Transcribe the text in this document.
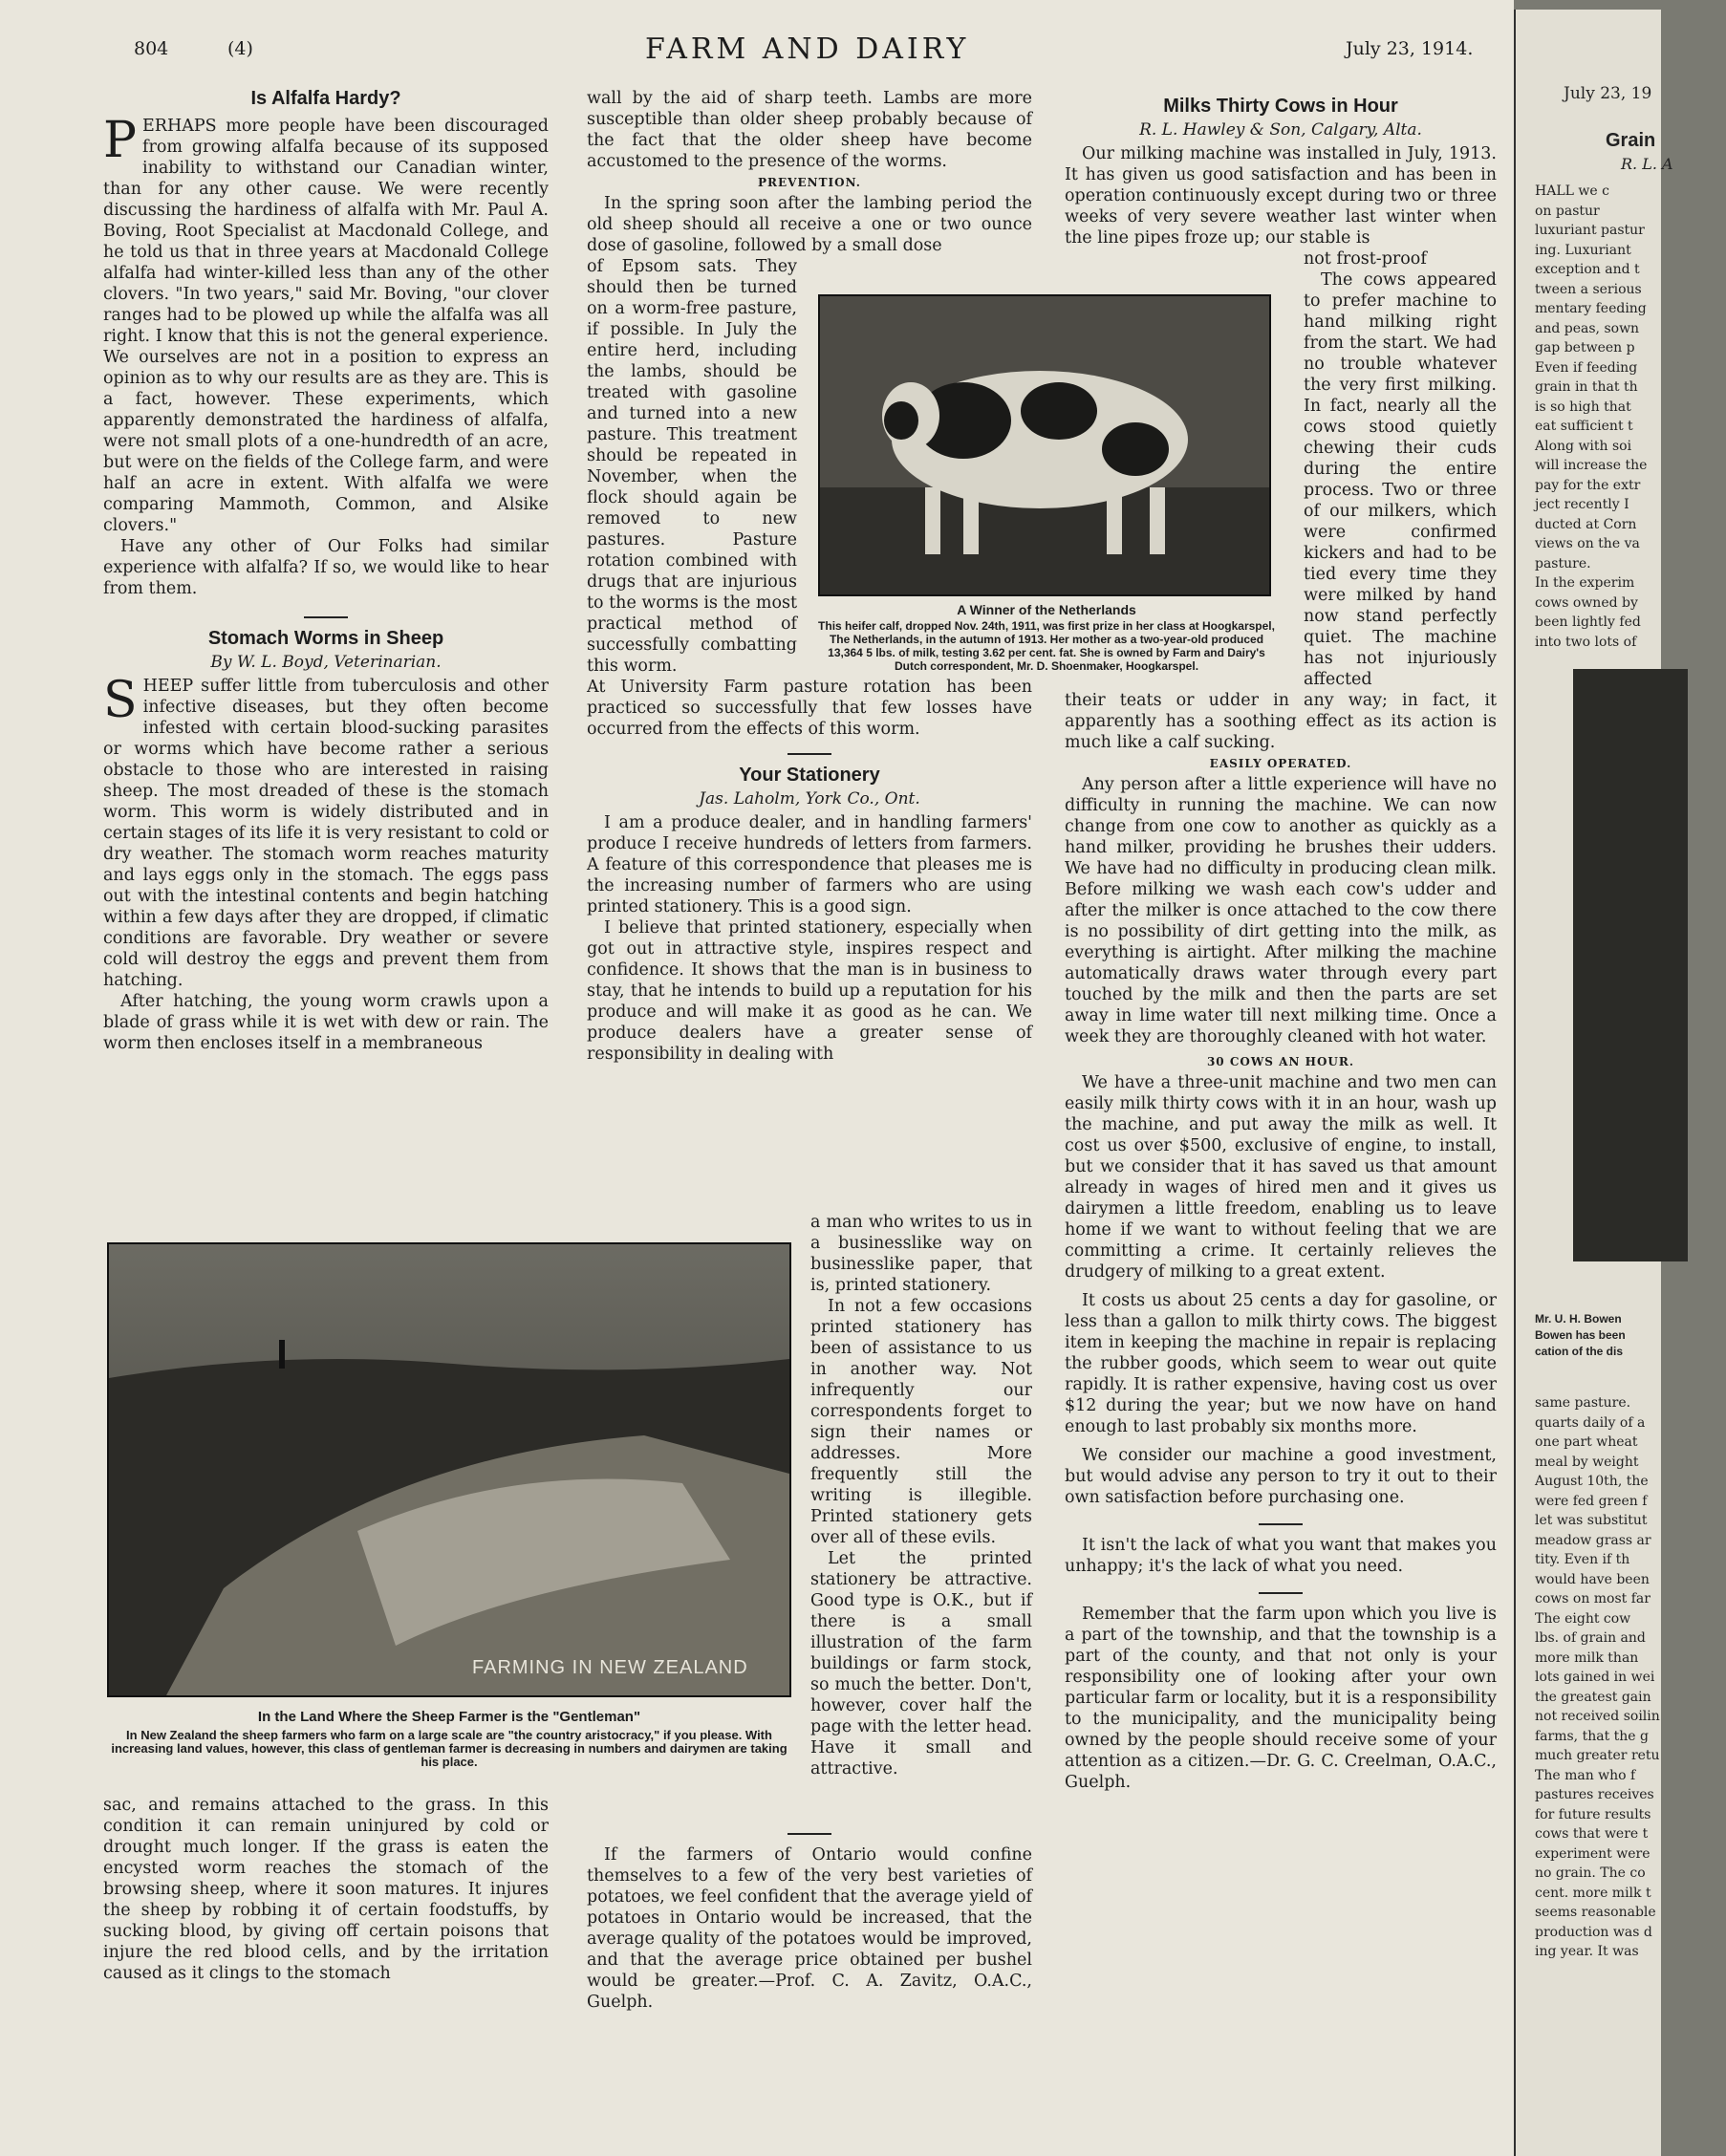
804	(4)	FARM AND DAIRY	July 23, 1914.
Is Alfalfa Hardy?

PERHAPS more people have been discouraged from growing alfalfa because of its supposed inability to withstand our Canadian winter, than for any other cause. We were recently discussing the hardiness of alfalfa with Mr. Paul A. Boving, Root Specialist at Macdonald College, and he told us that in three years at Macdonald College alfalfa had winter-killed less than any of the other clovers. "In two years," said Mr. Boving, "our clover ranges had to be plowed up while the alfalfa was all right. I know that this is not the general experience. We ourselves are not in a position to express an opinion as to why our results are as they are. This is a fact, however. These experiments, which apparently demonstrated the hardiness of alfalfa, were not small plots of a one-hundredth of an acre, but were on the fields of the College farm, and were half an acre in extent. With alfalfa we were comparing Mammoth, Common, and Alsike clovers."

Have any other of Our Folks had similar experience with alfalfa? If so, we would like to hear from them.

Stomach Worms in Sheep

By W. L. Boyd, Veterinarian.

SHEEP suffer little from tuberculosis and other infective diseases, but they often become infested with certain blood-sucking parasites or worms which have become rather a serious obstacle to those who are interested in raising sheep. The most dreaded of these is the stomach worm. This worm is widely distributed and in certain stages of its life it is very resistant to cold or dry weather. The stomach worm reaches maturity and lays eggs only in the stomach. The eggs pass out with the intestinal contents and begin hatching within a few days after they are dropped, if climatic conditions are favorable. Dry weather or severe cold will destroy the eggs and prevent them from hatching.

After hatching, the young worm crawls upon a blade of grass while it is wet with dew or rain. The worm then encloses itself in a membraneous

wall by the aid of sharp teeth. Lambs are more susceptible than older sheep probably because of the fact that the older sheep have become accustomed to the presence of the worms.

PREVENTION.

In the spring soon after the lambing period the old sheep should all receive a one or two ounce dose of gasoline, followed by a small dose

of Epsom sats. They should then be turned on a worm-free pasture, if possible. In July the entire herd, including the lambs, should be treated with gasoline and turned into a new pasture. This treatment should be repeated in November, when the flock should again be removed to new pastures. Pasture rotation combined with drugs that are injurious to the worms is the most practical method of successfully combatting this worm.

At University Farm pasture rotation has been practiced so successfully that few losses have occurred from the effects of this worm.

Your Stationery

Jas. Laholm, York Co., Ont.

I am a produce dealer, and in handling farmers' produce I receive hundreds of letters from farmers. A feature of this correspondence that pleases me is the increasing number of farmers who are using printed stationery. This is a good sign.

I believe that printed stationery, especially when got out in attractive style, inspires respect and confidence. It shows that the man is in business to stay, that he intends to build up a reputation for his produce and will make it as good as he can. We produce dealers have a greater sense of responsibility in dealing with

a man who writes to us in a businesslike way on businesslike paper, that is, printed stationery.

In not a few occasions printed stationery has been of assistance to us in another way. Not infrequently our correspondents forget to sign their names or addresses. More frequently still the writing is illegible. Printed stationery gets over all of these evils.

Let the printed stationery be attractive. Good type is O.K., but if there is a small illustration of the farm buildings or farm stock, so much the better. Don't, however, cover half the page with the letter head. Have it small and attractive.

If the farmers of Ontario would confine themselves to a few of the very best varieties of potatoes, we feel confident that the average yield of potatoes in Ontario would be increased, that the average quality of the potatoes would be improved, and that the average price obtained per bushel would be greater.—Prof. C. A. Zavitz, O.A.C., Guelph.

A Winner of the Netherlands

This heifer calf, dropped Nov. 24th, 1911, was first prize in her class at Hoogkarspel, The Netherlands, in the autumn of 1913. Her mother as a two-year-old produced 13,364 5 lbs. of milk, testing 3.62 per cent. fat. She is owned by Farm and Dairy's Dutch correspondent, Mr. D. Shoenmaker, Hoogkarspel.

FARMING IN NEW ZEALAND

In the Land Where the Sheep Farmer is the "Gentleman"

In New Zealand the sheep farmers who farm on a large scale are "the country aristocracy," if you please. With increasing land values, however, this class of gentleman farmer is decreasing in numbers and dairymen are taking his place.

sac, and remains attached to the grass. In this condition it can remain uninjured by cold or drought much longer. If the grass is eaten the encysted worm reaches the stomach of the browsing sheep, where it soon matures. It injures the sheep by robbing it of certain foodstuffs, by sucking blood, by giving off certain poisons that injure the red blood cells, and by the irritation caused as it clings to the stomach

Milks Thirty Cows in Hour

R. L. Hawley & Son, Calgary, Alta.

Our milking machine was installed in July, 1913. It has given us good satisfaction and has been in operation continuously except during two or three weeks of very severe weather last winter when the line pipes froze up; our stable is

not frost-proof

The cows appeared to prefer machine to hand milking right from the start. We had no trouble whatever the very first milking. In fact, nearly all the cows stood quietly chewing their cuds during the entire process. Two or three of our milkers, which were confirmed kickers and had to be tied every time they were milked by hand now stand perfectly quiet. The machine has not injuriously affected

their teats or udder in any way; in fact, it apparently has a soothing effect as its action is much like a calf sucking.

EASILY OPERATED.

Any person after a little experience will have no difficulty in running the machine. We can now change from one cow to another as quickly as a hand milker, providing he brushes their udders. We have had no difficulty in producing clean milk. Before milking we wash each cow's udder and after the milker is once attached to the cow there is no possibility of dirt getting into the milk, as everything is airtight. After milking the machine automatically draws water through every part touched by the milk and then the parts are set away in lime water till next milking time. Once a week they are thoroughly cleaned with hot water.

30 COWS AN HOUR.

We have a three-unit machine and two men can easily milk thirty cows with it in an hour, wash up the machine, and put away the milk as well. It cost us over $500, exclusive of engine, to install, but we consider that it has saved us that amount already in wages of hired men and it gives us dairymen a little freedom, enabling us to leave home if we want to without feeling that we are committing a crime. It certainly relieves the drudgery of milking to a great extent.

It costs us about 25 cents a day for gasoline, or less than a gallon to milk thirty cows. The biggest item in keeping the machine in repair is replacing the rubber goods, which seem to wear out quite rapidly. It is rather expensive, having cost us over $12 during the year; but we now have on hand enough to last probably six months more.

We consider our machine a good investment, but would advise any person to try it out to their own satisfaction before purchasing one.

It isn't the lack of what you want that makes you unhappy; it's the lack of what you need.

Remember that the farm upon which you live is a part of the township, and that the township is a part of the county, and that not only is your responsibility one of looking after your own particular farm or locality, but it is a responsibility to the municipality, and the municipality being owned by the people should receive some of your attention as a citizen.—Dr. G. C. Creelman, O.A.C., Guelph.

July 23, 19
Grain
R. L. A

HALL we c

on pastur

luxuriant pastur

ing. Luxuriant

exception and t

tween a serious

mentary feeding

and peas, sown

gap between p

Even if feeding

grain in that th

is so high that

eat sufficient t

Along with soi

will increase the

pay for the extr

ject recently I

ducted at Corn

views on the va

pasture.

In the experim

cows owned by

been lightly fed

into two lots of

Mr. U. H. Bowen

Bowen has been

cation of the dis

same pasture.

quarts daily of a

one part wheat

meal by weight

August 10th, the

were fed green f

let was substitut

meadow grass ar

tity. Even if th

would have been

cows on most far

The eight cow

lbs. of grain and

more milk than

lots gained in wei

the greatest gain

not received soilin

farms, that the g

much greater retu

The man who f

pastures receives

for future results

cows that were t

experiment were

no grain. The co

cent. more milk t

seems reasonable

production was d

ing year. It was
